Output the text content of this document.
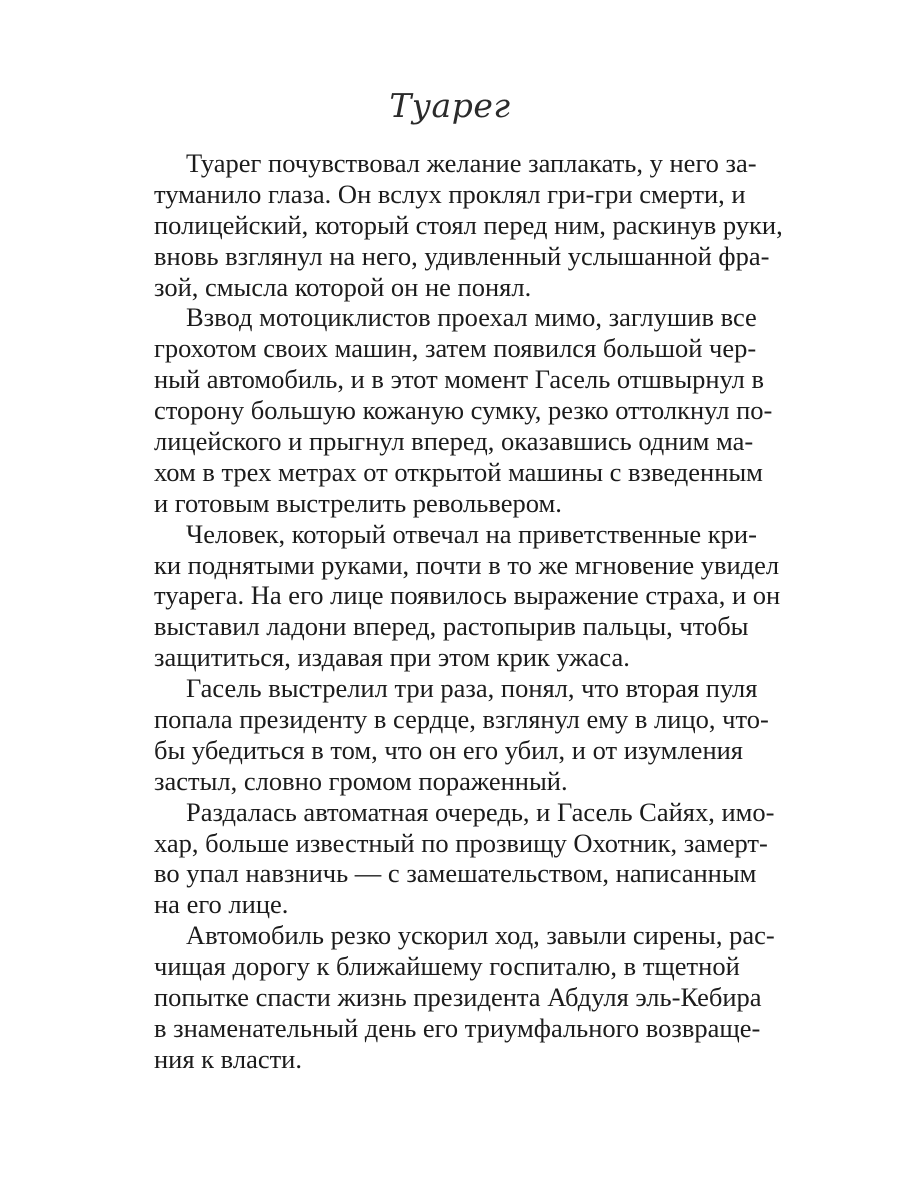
Туарег

Туарег почувствовал желание заплакать, у него за-
туманило глаза. Он вслух проклял гри-гри смерти, и
полицейский, который стоял перед ним, раскинув руки,
вновь взглянул на него, удивленный услышанной фра-
зой, смысла которой он не понял.

Взвод мотоциклистов проехал мимо, заглушив все
грохотом своих машин, затем появился большой чер-
ный автомобиль, и в этот момент Гасель отшвырнул в
сторону большую кожаную сумку, резко оттолкнул по-
лицейского и прыгнул вперед, оказавшись одним ма-
хом в трех метрах от открытой машины с взведенным
и готовым выстрелить револьвером.

Человек, который отвечал на приветственные кри-
ки поднятыми руками, почти в то же мгновение увидел
туарега. На его лице появилось выражение страха, и он
выставил ладони вперед, растопырив пальцы, чтобы
защититься, издавая при этом крик ужаса.

Гасель выстрелил три раза, понял, что вторая пуля
попала президенту в сердце, взглянул ему в лицо, что-
бы убедиться в том, что он его убил, и от изумления
застыл, словно громом пораженный.

Раздалась автоматная очередь, и Гасель Сайях, имо-
хар, больше известный по прозвищу Охотник, замерт-
во упал навзничь — с замешательством, написанным
на его лице.

Автомобиль резко ускорил ход, завыли сирены, рас-
чищая дорогу к ближайшему госпиталю, в тщетной
попытке спасти жизнь президента Абдуля эль-Кебира
в знаменательный день его триумфального возвраще-
ния к власти.
